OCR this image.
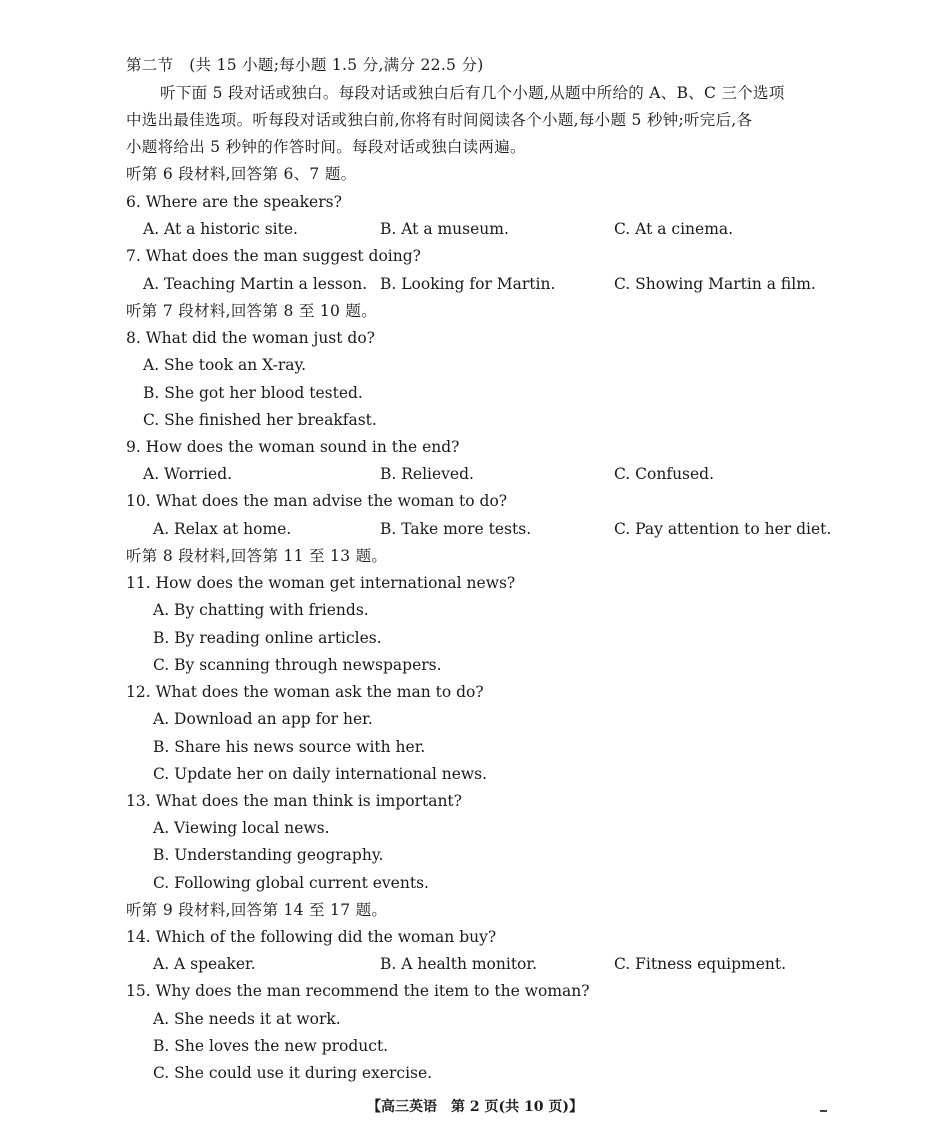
第二节　(共 15 小题;每小题 1.5 分,满分 22.5 分)
听下面 5 段对话或独白。每段对话或独白后有几个小题,从题中所给的 A、B、C 三个选项
中选出最佳选项。听每段对话或独白前,你将有时间阅读各个小题,每小题 5 秒钟;听完后,各
小题将给出 5 秒钟的作答时间。每段对话或独白读两遍。
听第 6 段材料,回答第 6、7 题。
6. Where are the speakers?
A. At a historic site.	B. At a museum.	C. At a cinema.
7. What does the man suggest doing?
A. Teaching Martin a lesson. B. Looking for Martin.	C. Showing Martin a film.
听第 7 段材料,回答第 8 至 10 题。
8. What did the woman just do?
A. She took an X-ray.
B. She got her blood tested.
C. She finished her breakfast.
9. How does the woman sound in the end?
A. Worried.	B. Relieved.	C. Confused.
10. What does the man advise the woman to do?
A. Relax at home.	B. Take more tests.	C. Pay attention to her diet.
听第 8 段材料,回答第 11 至 13 题。
11. How does the woman get international news?
A. By chatting with friends.
B. By reading online articles.
C. By scanning through newspapers.
12. What does the woman ask the man to do?
A. Download an app for her.
B. Share his news source with her.
C. Update her on daily international news.
13. What does the man think is important?
A. Viewing local news.
B. Understanding geography.
C. Following global current events.
听第 9 段材料,回答第 14 至 17 题。
14. Which of the following did the woman buy?
A. A speaker.	B. A health monitor.	C. Fitness equipment.
15. Why does the man recommend the item to the woman?
A. She needs it at work.
B. She loves the new product.
C. She could use it during exercise.
【高三英语　第 2 页(共 10 页)】
